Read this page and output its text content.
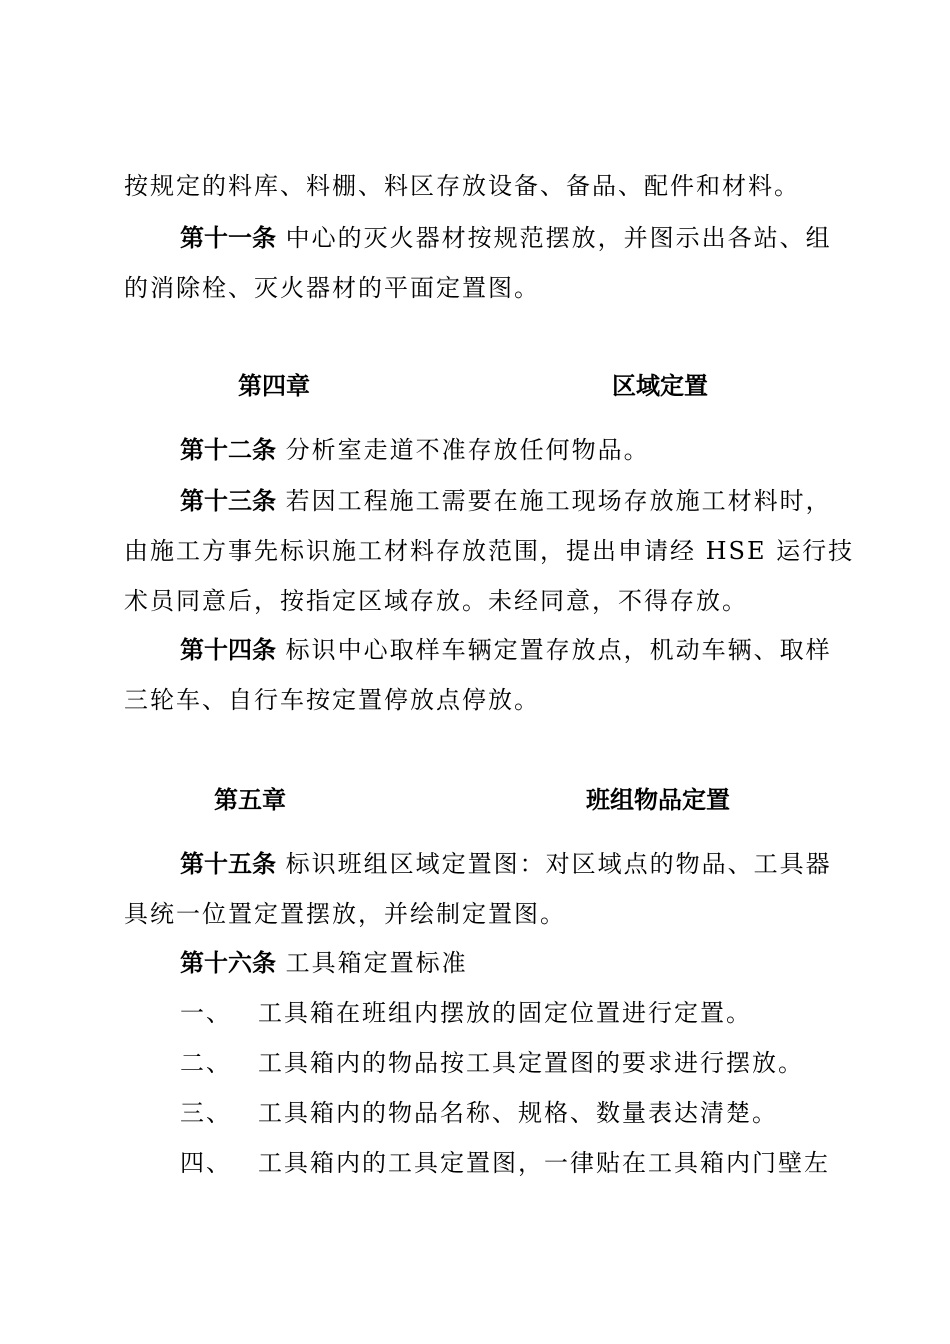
按规定的料库、料棚、料区存放设备、备品、配件和材料。

第十一条 中心的灭火器材按规范摆放，并图示出各站、组

的消除栓、灭火器材的平面定置图。

第四章	区域定置

第十二条 分析室走道不准存放任何物品。

第十三条 若因工程施工需要在施工现场存放施工材料时，

由施工方事先标识施工材料存放范围，提出申请经 HSE 运行技

术员同意后，按指定区域存放。未经同意，不得存放。

第十四条 标识中心取样车辆定置存放点，机动车辆、取样

三轮车、自行车按定置停放点停放。

第五章	班组物品定置

第十五条 标识班组区域定置图：对区域点的物品、工具器

具统一位置定置摆放，并绘制定置图。

第十六条 工具箱定置标准

一、 工具箱在班组内摆放的固定位置进行定置。

二、 工具箱内的物品按工具定置图的要求进行摆放。

三、 工具箱内的物品名称、规格、数量表达清楚。

四、 工具箱内的工具定置图，一律贴在工具箱内门壁左
